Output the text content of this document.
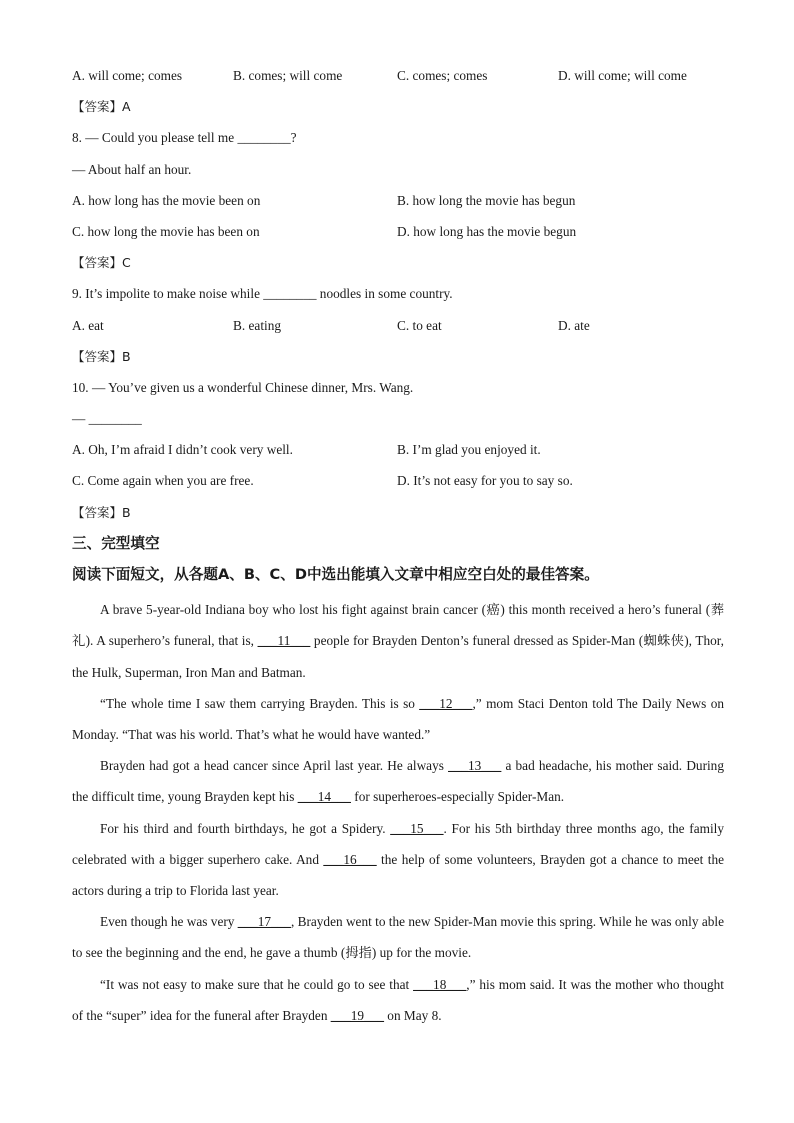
A. will come; comes	B. comes; will come	C. comes; comes	D. will come; will come
【答案】A
8. — Could you please tell me ________?
— About half an hour.
A. how long has the movie been on	B. how long the movie has begun
C. how long the movie has been on	D. how long has the movie begun
【答案】C
9. It’s impolite to make noise while ________ noodles in some country.
A. eat	B. eating	C. to eat	D. ate
【答案】B
10. — You’ve given us a wonderful Chinese dinner, Mrs. Wang.
— ________
A. Oh, I’m afraid I didn’t cook very well.	B. I’m glad you enjoyed it.
C. Come again when you are free.	D. It’s not easy for you to say so.
【答案】B
三、完型填空
阅读下面短文，从各题A、B、C、D中选出能填入文章中相应空白处的最佳答案。
A brave 5-year-old Indiana boy who lost his fight against brain cancer (癌) this month received a hero’s funeral (葬礼). A superhero’s funeral, that is, ___11___ people for Brayden Denton’s funeral dressed as Spider-Man (蜘蛛侠), Thor, the Hulk, Superman, Iron Man and Batman.
“The whole time I saw them carrying Brayden. This is so ___12___,” mom Staci Denton told The Daily News on Monday. “That was his world. That’s what he would have wanted.”
Brayden had got a head cancer since April last year. He always ___13___ a bad headache, his mother said. During the difficult time, young Brayden kept his ___14___ for superheroes-especially Spider-Man.
For his third and fourth birthdays, he got a Spidery. ___15___. For his 5th birthday three months ago, the family celebrated with a bigger superhero cake. And ___16___ the help of some volunteers, Brayden got a chance to meet the actors during a trip to Florida last year.
Even though he was very ___17___, Brayden went to the new Spider-Man movie this spring. While he was only able to see the beginning and the end, he gave a thumb (拇指) up for the movie.
“It was not easy to make sure that he could go to see that ___18___,” his mom said. It was the mother who thought of the “super” idea for the funeral after Brayden ___19___ on May 8.
